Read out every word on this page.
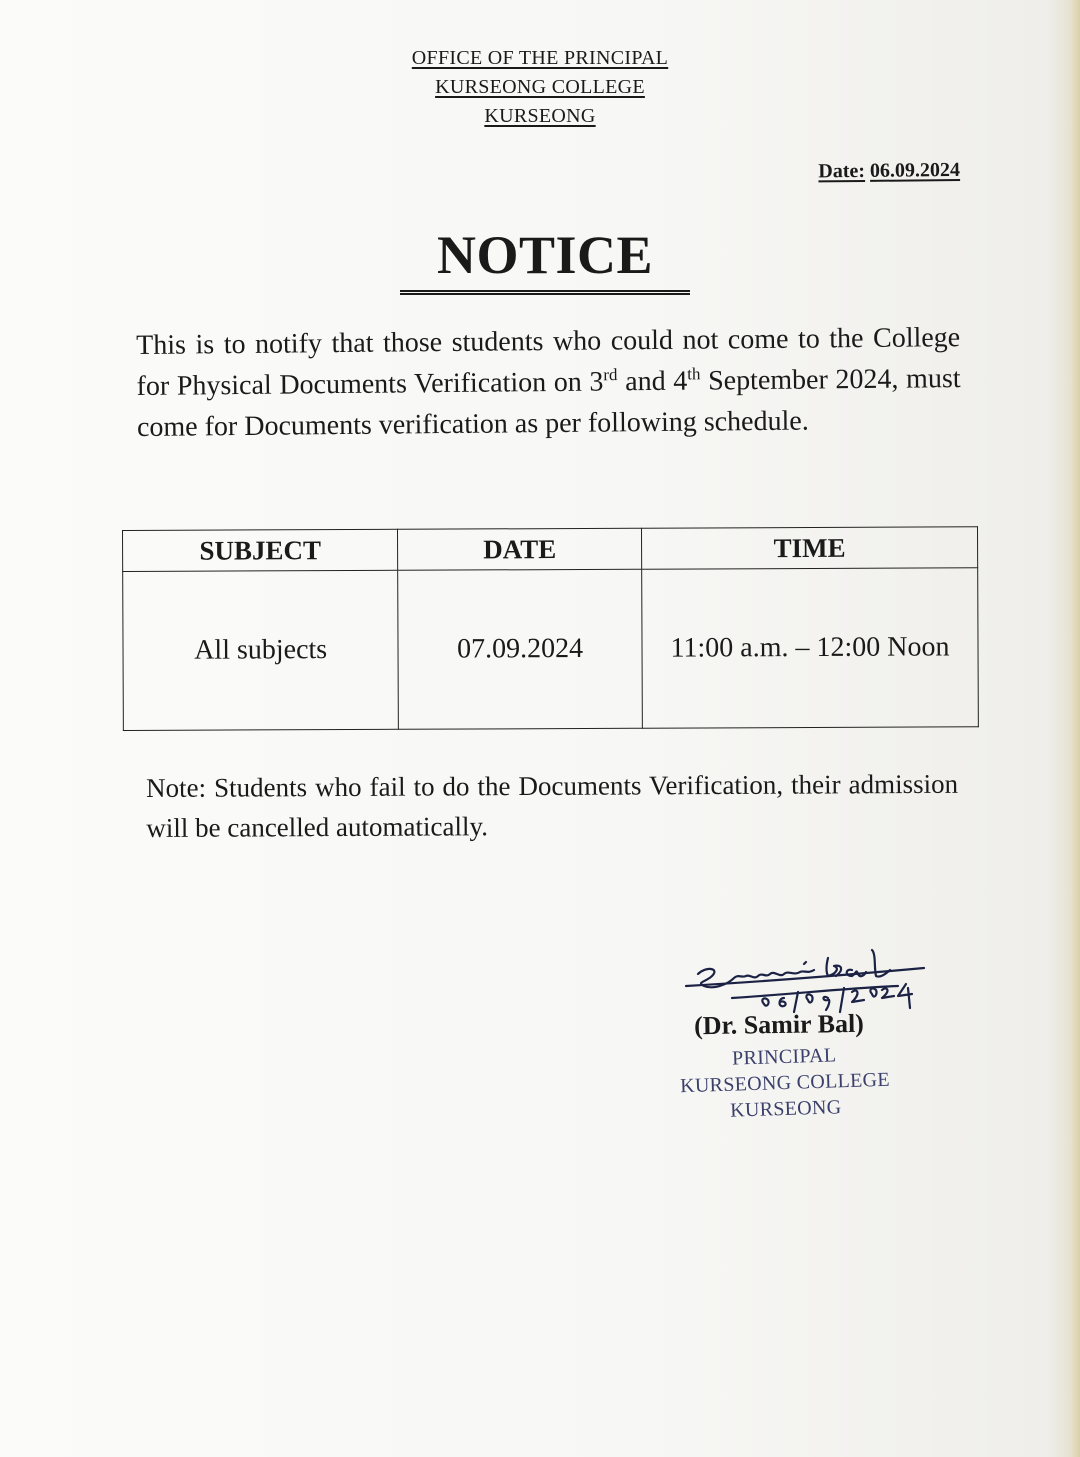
OFFICE OF THE PRINCIPAL
KURSEONG COLLEGE
KURSEONG
Date: 06.09.2024
NOTICE
This is to notify that those students who could not come to the College for Physical Documents Verification on 3rd and 4th September 2024, must come for Documents verification as per following schedule.
SUBJECT	DATE	TIME
All subjects	07.09.2024	11:00 a.m. – 12:00 Noon
Note: Students who fail to do the Documents Verification, their admission will be cancelled automatically.
(Dr. Samir Bal)
PRINCIPAL
KURSEONG COLLEGE
KURSEONG
